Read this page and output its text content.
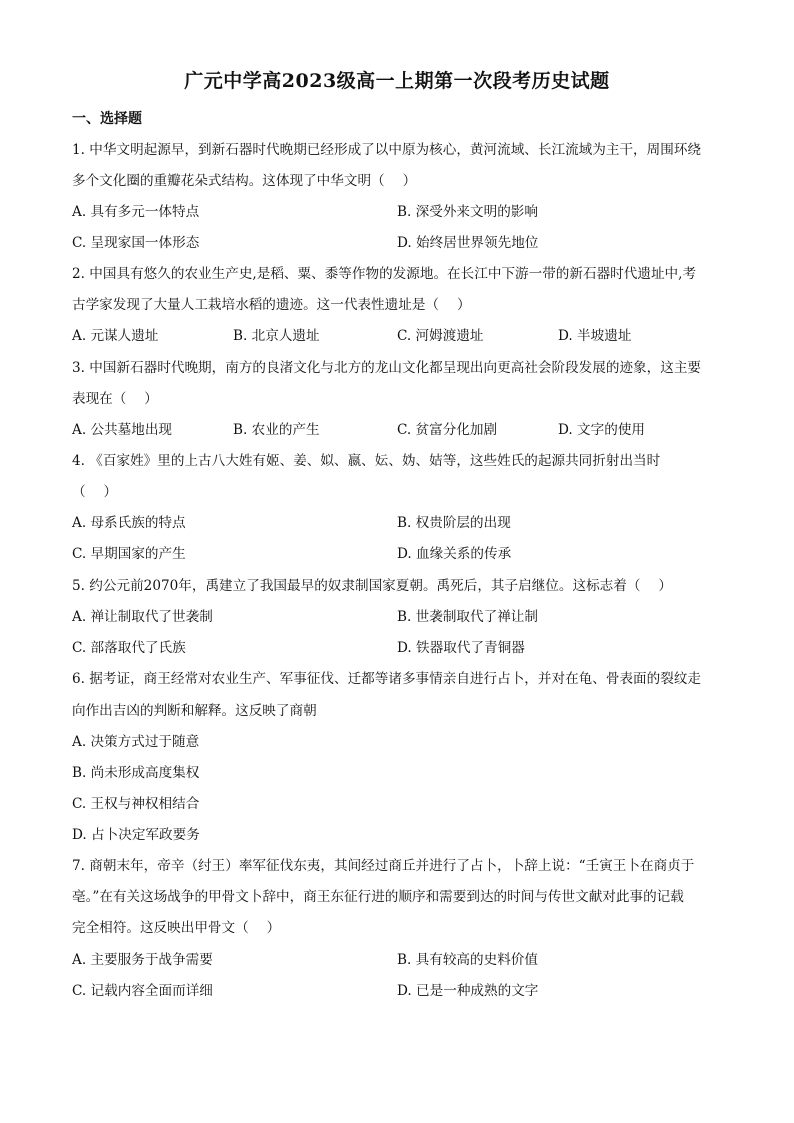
广元中学高2023级高一上期第一次段考历史试题
一、选择题
1. 中华文明起源早，到新石器时代晚期已经形成了以中原为核心，黄河流域、长江流域为主干，周围环绕
多个文化圈的重瓣花朵式结构。这体现了中华文明（　 ）
A. 具有多元一体特点	B. 深受外来文明的影响
C. 呈现家国一体形态	D. 始终居世界领先地位
2. 中国具有悠久的农业生产史,是稻、粟、黍等作物的发源地。在长江中下游一带的新石器时代遗址中,考
古学家发现了大量人工栽培水稻的遗迹。这一代表性遗址是（　 ）
A. 元谋人遗址	B. 北京人遗址	C. 河姆渡遗址	D. 半坡遗址
3. 中国新石器时代晚期，南方的良渚文化与北方的龙山文化都呈现出向更高社会阶段发展的迹象，这主要
表现在（　 ）
A. 公共墓地出现	B. 农业的产生	C. 贫富分化加剧	D. 文字的使用
4. 《百家姓》里的上古八大姓有姬、姜、姒、嬴、妘、妫、姞等，这些姓氏的起源共同折射出当时
（　 ）
A. 母系氏族的特点	B. 权贵阶层的出现
C. 早期国家的产生	D. 血缘关系的传承
5. 约公元前2070年，禹建立了我国最早的奴隶制国家夏朝。禹死后，其子启继位。这标志着（　 ）
A. 禅让制取代了世袭制	B. 世袭制取代了禅让制
C. 部落取代了氏族	D. 铁器取代了青铜器
6. 据考证，商王经常对农业生产、军事征伐、迁都等诸多事情亲自进行占卜，并对在龟、骨表面的裂纹走
向作出吉凶的判断和解释。这反映了商朝
A. 决策方式过于随意
B. 尚未形成高度集权
C. 王权与神权相结合
D. 占卜决定军政要务
7. 商朝末年，帝辛（纣王）率军征伐东夷，其间经过商丘并进行了占卜，卜辞上说：“壬寅王卜在商贞于
亳。”在有关这场战争的甲骨文卜辞中，商王东征行进的顺序和需要到达的时间与传世文献对此事的记载
完全相符。这反映出甲骨文（　 ）
A. 主要服务于战争需要	B. 具有较高的史料价值
C. 记载内容全面而详细	D. 已是一种成熟的文字
